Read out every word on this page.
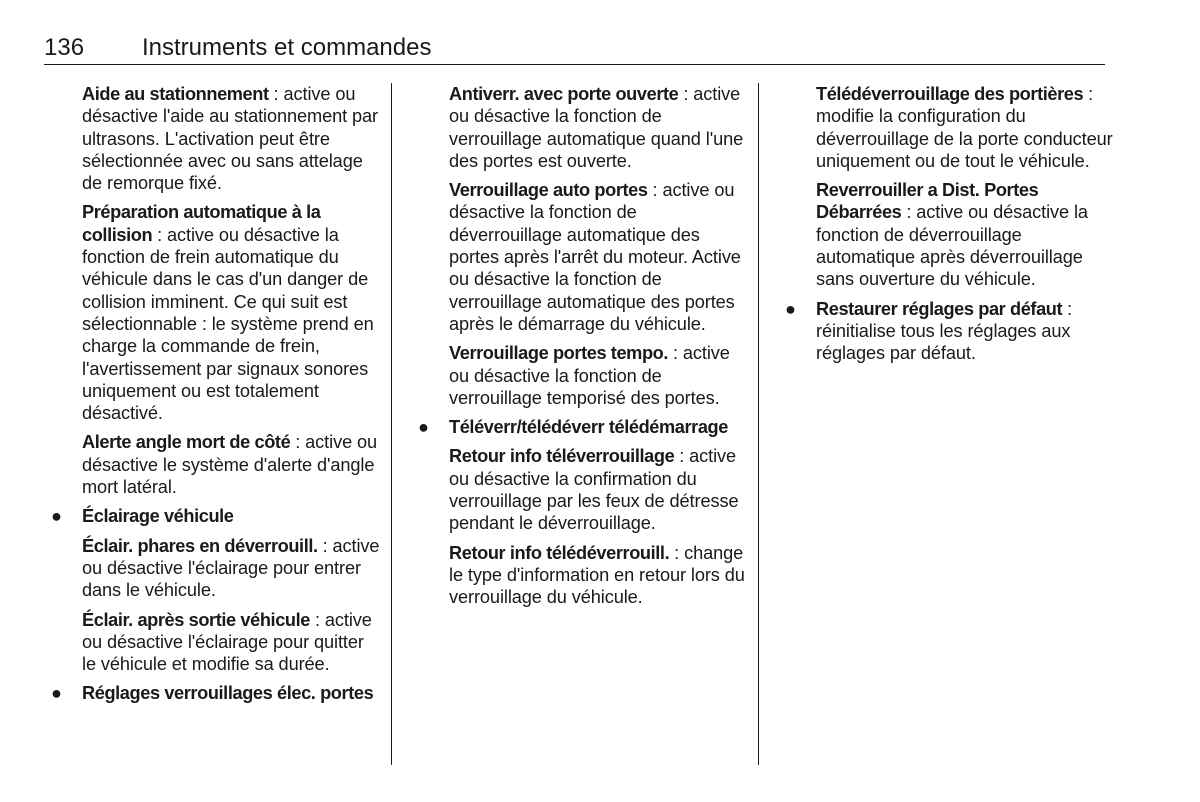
136 Instruments et commandes

Aide au stationnement : active ou désactive l'aide au stationnement par ultrasons. L'activation peut être sélectionnée avec ou sans attelage de remorque fixé.

Préparation automatique à la collision : active ou désactive la fonction de frein automatique du véhicule dans le cas d'un danger de collision imminent. Ce qui suit est sélectionnable : le système prend en charge la commande de frein, l'avertissement par signaux sonores uniquement ou est totalement désactivé.

Alerte angle mort de côté : active ou désactive le système d'alerte d'angle mort latéral.

● Éclairage véhicule

Éclair. phares en déverrouill. : active ou désactive l'éclairage pour entrer dans le véhicule.

Éclair. après sortie véhicule : active ou désactive l'éclairage pour quitter le véhicule et modifie sa durée.

● Réglages verrouillages élec. portes

Antiverr. avec porte ouverte : active ou désactive la fonction de verrouillage automatique quand l'une des portes est ouverte.

Verrouillage auto portes : active ou désactive la fonction de déverrouillage automatique des portes après l'arrêt du moteur. Active ou désactive la fonction de verrouillage automatique des portes après le démarrage du véhicule.

Verrouillage portes tempo. : active ou désactive la fonction de verrouillage temporisé des portes.

● Téléverr/télédéverr télédémarrage

Retour info téléverrouillage : active ou désactive la confirmation du verrouillage par les feux de détresse pendant le déverrouillage.

Retour info télédéverrouill. : change le type d'information en retour lors du verrouillage du véhicule.

Télédéverrouillage des portières : modifie la configuration du déverrouillage de la porte conducteur uniquement ou de tout le véhicule.

Reverrouiller a Dist. Portes Débarrées : active ou désactive la fonction de déverrouillage automatique après déverrouillage sans ouverture du véhicule.

● Restaurer réglages par défaut : réinitialise tous les réglages aux réglages par défaut.
